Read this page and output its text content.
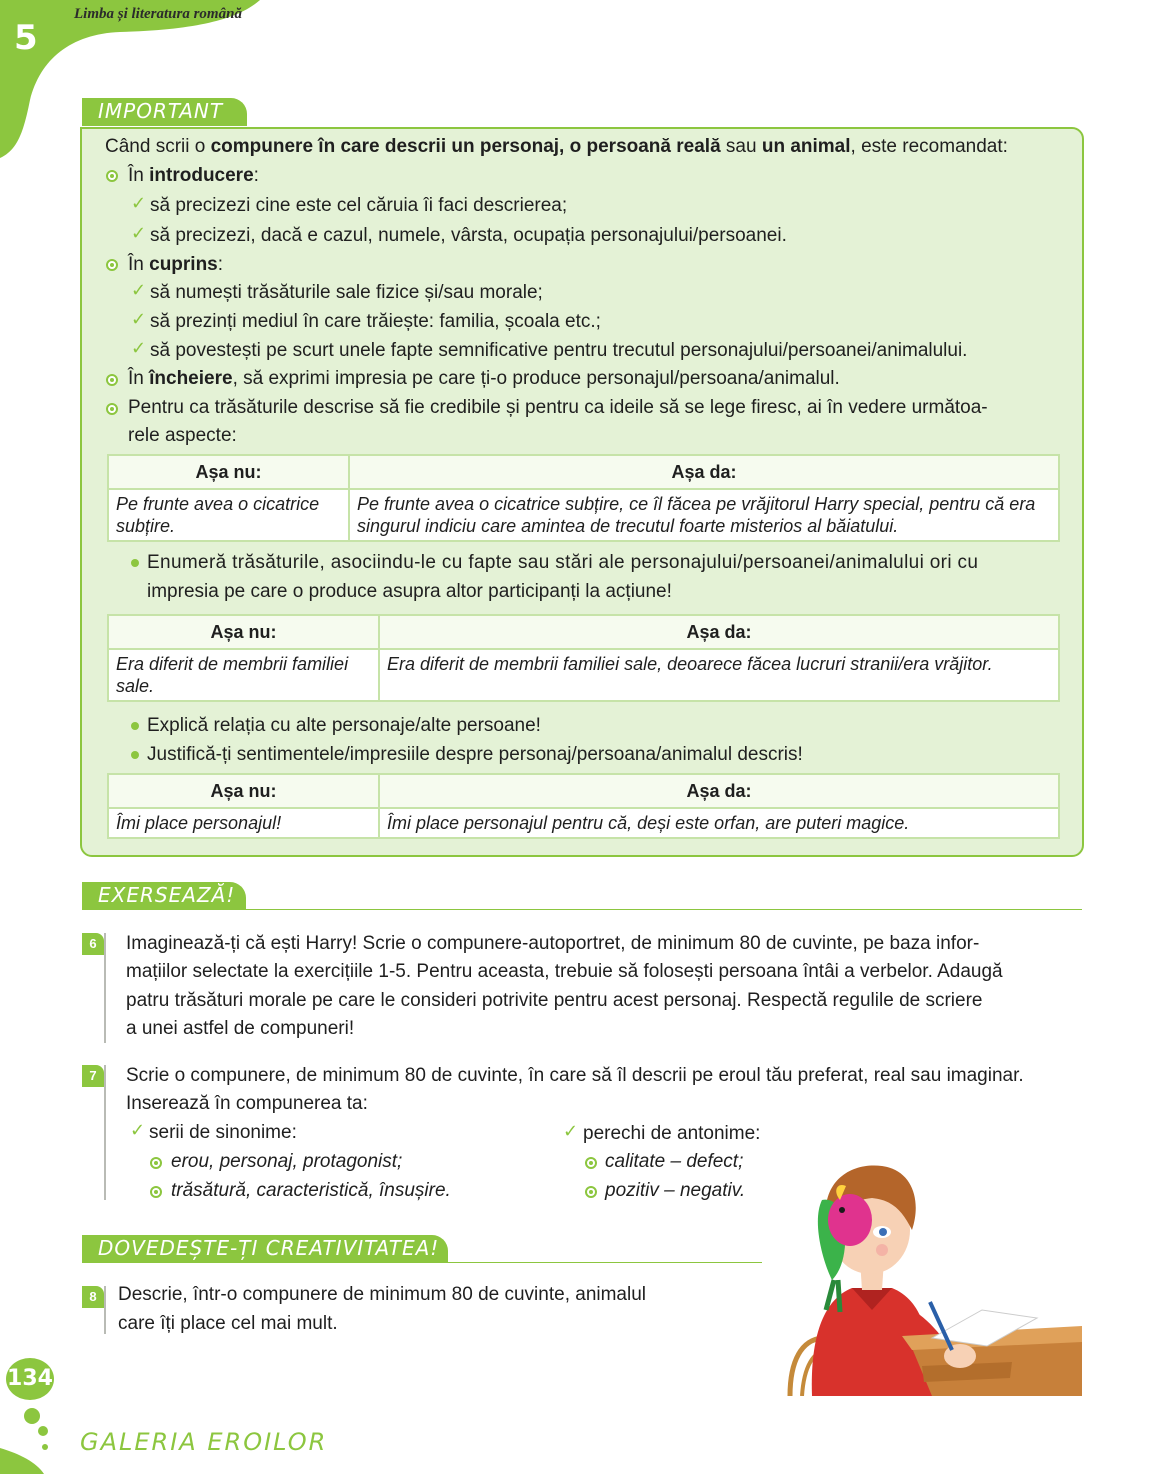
5
Limba și literatura română
IMPORTANT
Când scrii o compunere în care descrii un personaj, o persoană reală sau un animal, este recomandat:
În introducere:
✓ să precizezi cine este cel căruia îi faci descrierea;
✓ să precizezi, dacă e cazul, numele, vârsta, ocupația personajului/persoanei.
În cuprins:
✓ să numești trăsăturile sale fizice și/sau morale;
✓ să prezinți mediul în care trăiește: familia, școala etc.;
✓ să povestești pe scurt unele fapte semnificative pentru trecutul personajului/persoanei/animalului.
În încheiere, să exprimi impresia pe care ți-o produce personajul/persoana/animalul.
Pentru ca trăsăturile descrise să fie credibile și pentru ca ideile să se lege firesc, ai în vedere următoa-
rele aspecte:
Așa nu:	Așa da:
Pe frunte avea o cicatrice subțire.	Pe frunte avea o cicatrice subțire, ce îl făcea pe vrăjitorul Harry special, pentru că era singurul indiciu care amintea de trecutul foarte misterios al băiatului.
Enumeră trăsăturile, asociindu-le cu fapte sau stări ale personajului/persoanei/animalului ori cu
impresia pe care o produce asupra altor participanți la acțiune!
Așa nu:	Așa da:
Era diferit de membrii familiei sale.	Era diferit de membrii familiei sale, deoarece făcea lucruri stranii/era vrăjitor.
Explică relația cu alte personaje/alte persoane!
Justifică-ți sentimentele/impresiile despre personaj/persoana/animalul descris!
Așa nu:	Așa da:
Îmi place personajul!	Îmi place personajul pentru că, deși este orfan, are puteri magice.
EXERSEAZĂ!
6	Imaginează-ți că ești Harry! Scrie o compunere-autoportret, de minimum 80 de cuvinte, pe baza infor-
mațiilor selectate la exercițiile 1-5. Pentru aceasta, trebuie să folosești persoana întâi a verbelor. Adaugă
patru trăsături morale pe care le consideri potrivite pentru acest personaj. Respectă regulile de scriere
a unei astfel de compuneri!
7	Scrie o compunere, de minimum 80 de cuvinte, în care să îl descrii pe eroul tău preferat, real sau imaginar.
Inserează în compunerea ta:
✓ serii de sinonime:
erou, personaj, protagonist;
trăsătură, caracteristică, însușire.
✓ perechi de antonime:
calitate – defect;
pozitiv – negativ.
DOVEDEȘTE-ȚI CREATIVITATEA!
8	Descrie, într-o compunere de minimum 80 de cuvinte, animalul
care îți place cel mai mult.
134
GALERIA EROILOR
